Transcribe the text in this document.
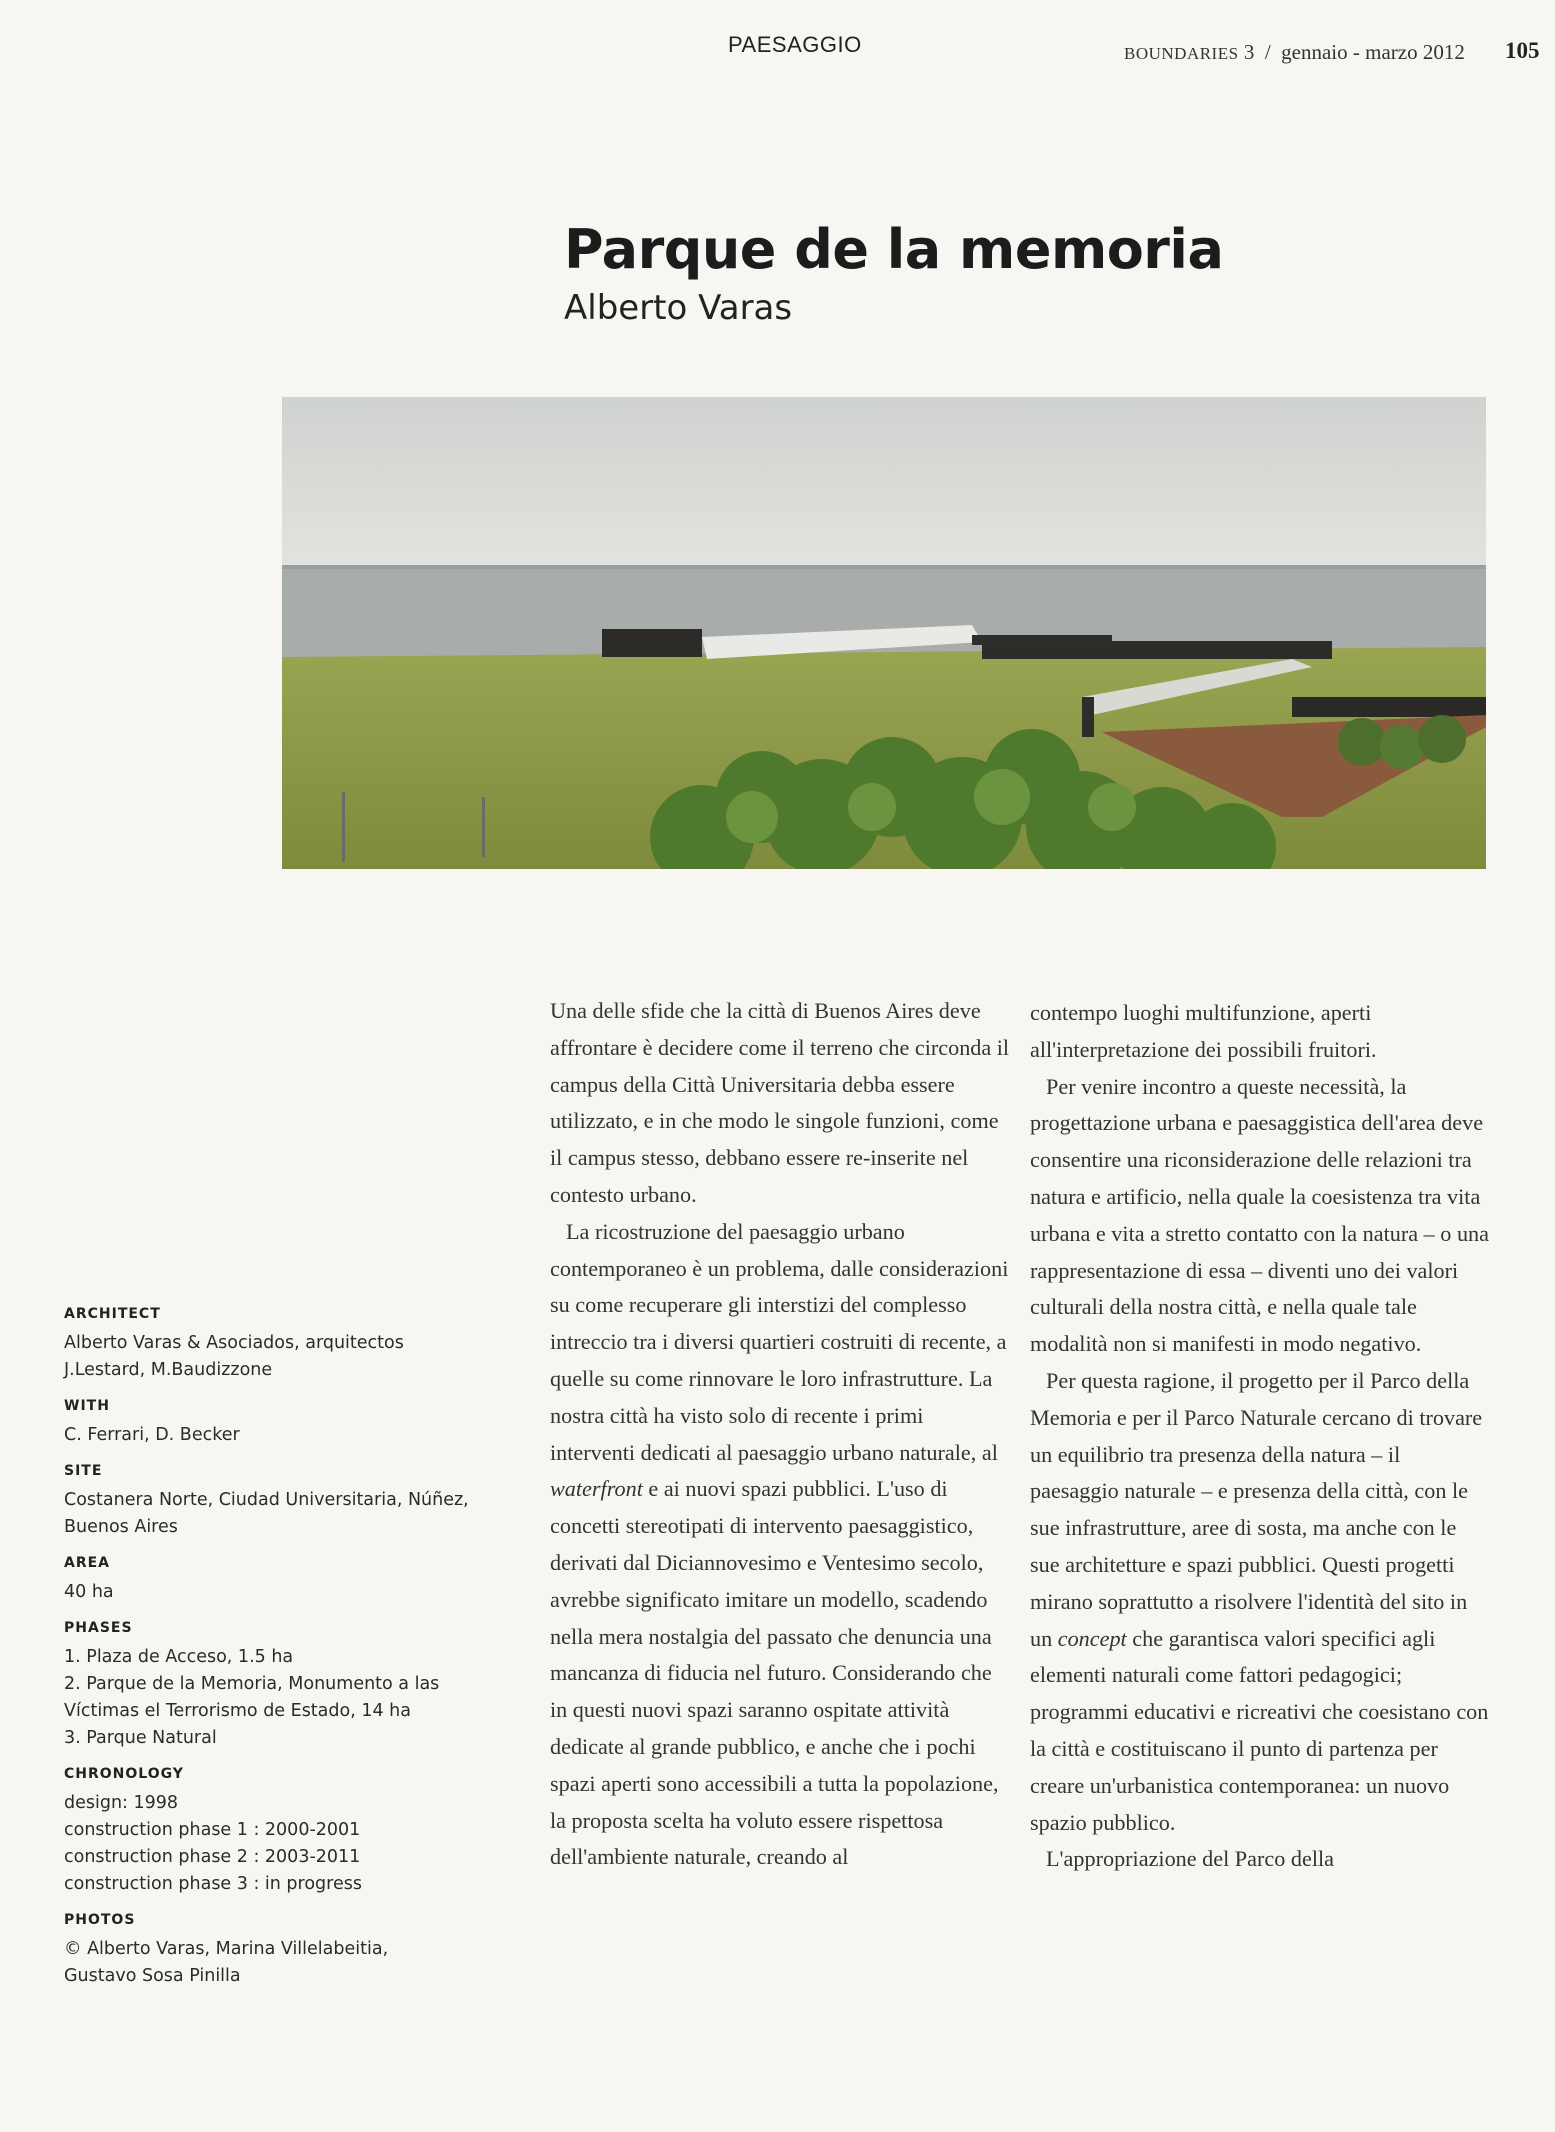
PAESAGGIO	BOUNDARIES 3 / gennaio - marzo 2012 105
Parque de la memoria
Alberto Varas
ARCHITECT
Alberto Varas & Asociados, arquitectos
J.Lestard, M.Baudizzone
WITH
C. Ferrari, D. Becker
SITE
Costanera Norte, Ciudad Universitaria, Núñez,
Buenos Aires
AREA
40 ha
PHASES
1. Plaza de Acceso, 1.5 ha
2. Parque de la Memoria, Monumento a las
Víctimas el Terrorismo de Estado, 14 ha
3. Parque Natural
CHRONOLOGY
design: 1998
construction phase 1 : 2000-2001
construction phase 2 : 2003-2011
construction phase 3 : in progress
PHOTOS
© Alberto Varas, Marina Villelabeitia,
Gustavo Sosa Pinilla

Una delle sfide che la città di Buenos Aires deve affrontare è decidere come il terreno che circonda il campus della Città Universitaria debba essere utilizzato, e in che modo le singole funzioni, come il campus stesso, debbano essere re-inserite nel contesto urbano.

La ricostruzione del paesaggio urbano contemporaneo è un problema, dalle considerazioni su come recuperare gli interstizi del complesso intreccio tra i diversi quartieri costruiti di recente, a quelle su come rinnovare le loro infrastrutture. La nostra città ha visto solo di recente i primi interventi dedicati al paesaggio urbano naturale, al waterfront e ai nuovi spazi pubblici. L'uso di concetti stereotipati di intervento paesaggistico, derivati dal Diciannovesimo e Ventesimo secolo, avrebbe significato imitare un modello, scadendo nella mera nostalgia del passato che denuncia una mancanza di fiducia nel futuro. Considerando che in questi nuovi spazi saranno ospitate attività dedicate al grande pubblico, e anche che i pochi spazi aperti sono accessibili a tutta la popolazione, la proposta scelta ha voluto essere rispettosa dell'ambiente naturale, creando al

contempo luoghi multifunzione, aperti all'interpretazione dei possibili fruitori.

Per venire incontro a queste necessità, la progettazione urbana e paesaggistica dell'area deve consentire una riconsiderazione delle relazioni tra natura e artificio, nella quale la coesistenza tra vita urbana e vita a stretto contatto con la natura – o una rappresentazione di essa – diventi uno dei valori culturali della nostra città, e nella quale tale modalità non si manifesti in modo negativo.

Per questa ragione, il progetto per il Parco della Memoria e per il Parco Naturale cercano di trovare un equilibrio tra presenza della natura – il paesaggio naturale – e presenza della città, con le sue infrastrutture, aree di sosta, ma anche con le sue architetture e spazi pubblici. Questi progetti mirano soprattutto a risolvere l'identità del sito in un concept che garantisca valori specifici agli elementi naturali come fattori pedagogici; programmi educativi e ricreativi che coesistano con la città e costituiscano il punto di partenza per creare un'urbanistica contemporanea: un nuovo spazio pubblico.

L'appropriazione del Parco della
